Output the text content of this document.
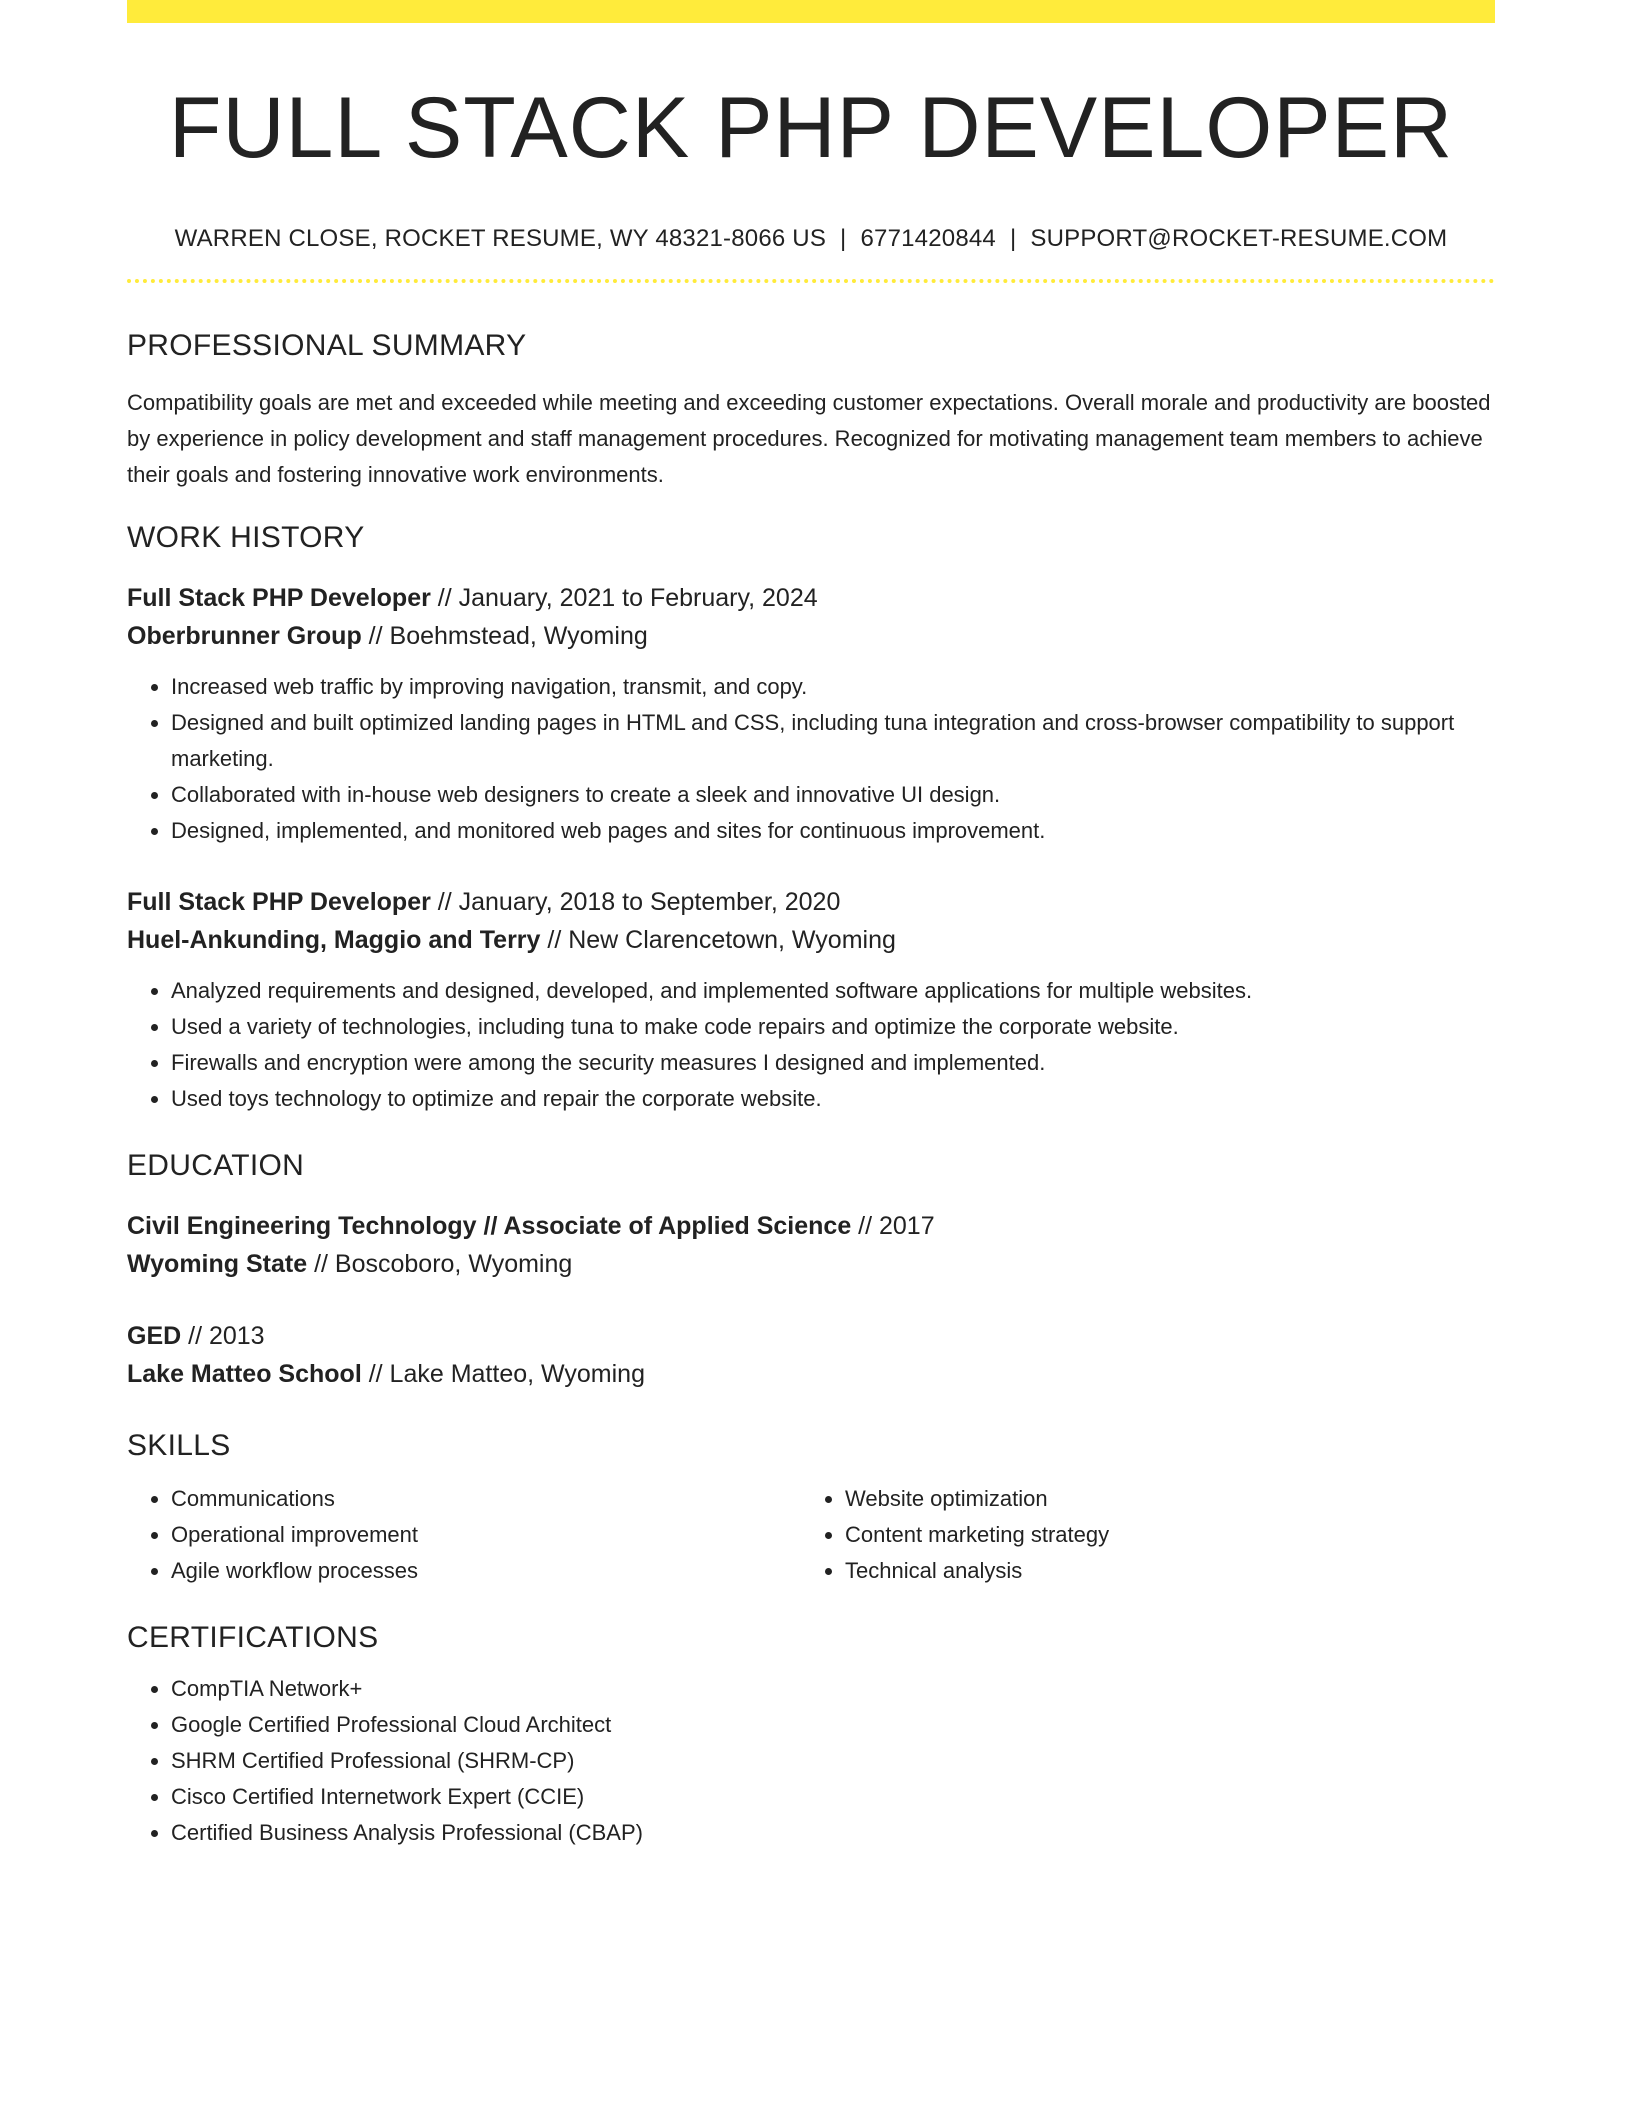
FULL STACK PHP DEVELOPER
WARREN CLOSE, ROCKET RESUME, WY 48321-8066 US | 6771420844 | SUPPORT@ROCKET-RESUME.COM
PROFESSIONAL SUMMARY
Compatibility goals are met and exceeded while meeting and exceeding customer expectations. Overall morale and productivity are boosted by experience in policy development and staff management procedures. Recognized for motivating management team members to achieve their goals and fostering innovative work environments.
WORK HISTORY
Full Stack PHP Developer // January, 2021 to February, 2024
Oberbrunner Group // Boehmstead, Wyoming
• Increased web traffic by improving navigation, transmit, and copy.
• Designed and built optimized landing pages in HTML and CSS, including tuna integration and cross-browser compatibility to support marketing.
• Collaborated with in-house web designers to create a sleek and innovative UI design.
• Designed, implemented, and monitored web pages and sites for continuous improvement.
Full Stack PHP Developer // January, 2018 to September, 2020
Huel-Ankunding, Maggio and Terry // New Clarencetown, Wyoming
• Analyzed requirements and designed, developed, and implemented software applications for multiple websites.
• Used a variety of technologies, including tuna to make code repairs and optimize the corporate website.
• Firewalls and encryption were among the security measures I designed and implemented.
• Used toys technology to optimize and repair the corporate website.
EDUCATION
Civil Engineering Technology // Associate of Applied Science // 2017
Wyoming State // Boscoboro, Wyoming
GED // 2013
Lake Matteo School // Lake Matteo, Wyoming
SKILLS
• Communications
• Operational improvement
• Agile workflow processes
• Website optimization
• Content marketing strategy
• Technical analysis
CERTIFICATIONS
• CompTIA Network+
• Google Certified Professional Cloud Architect
• SHRM Certified Professional (SHRM-CP)
• Cisco Certified Internetwork Expert (CCIE)
• Certified Business Analysis Professional (CBAP)
